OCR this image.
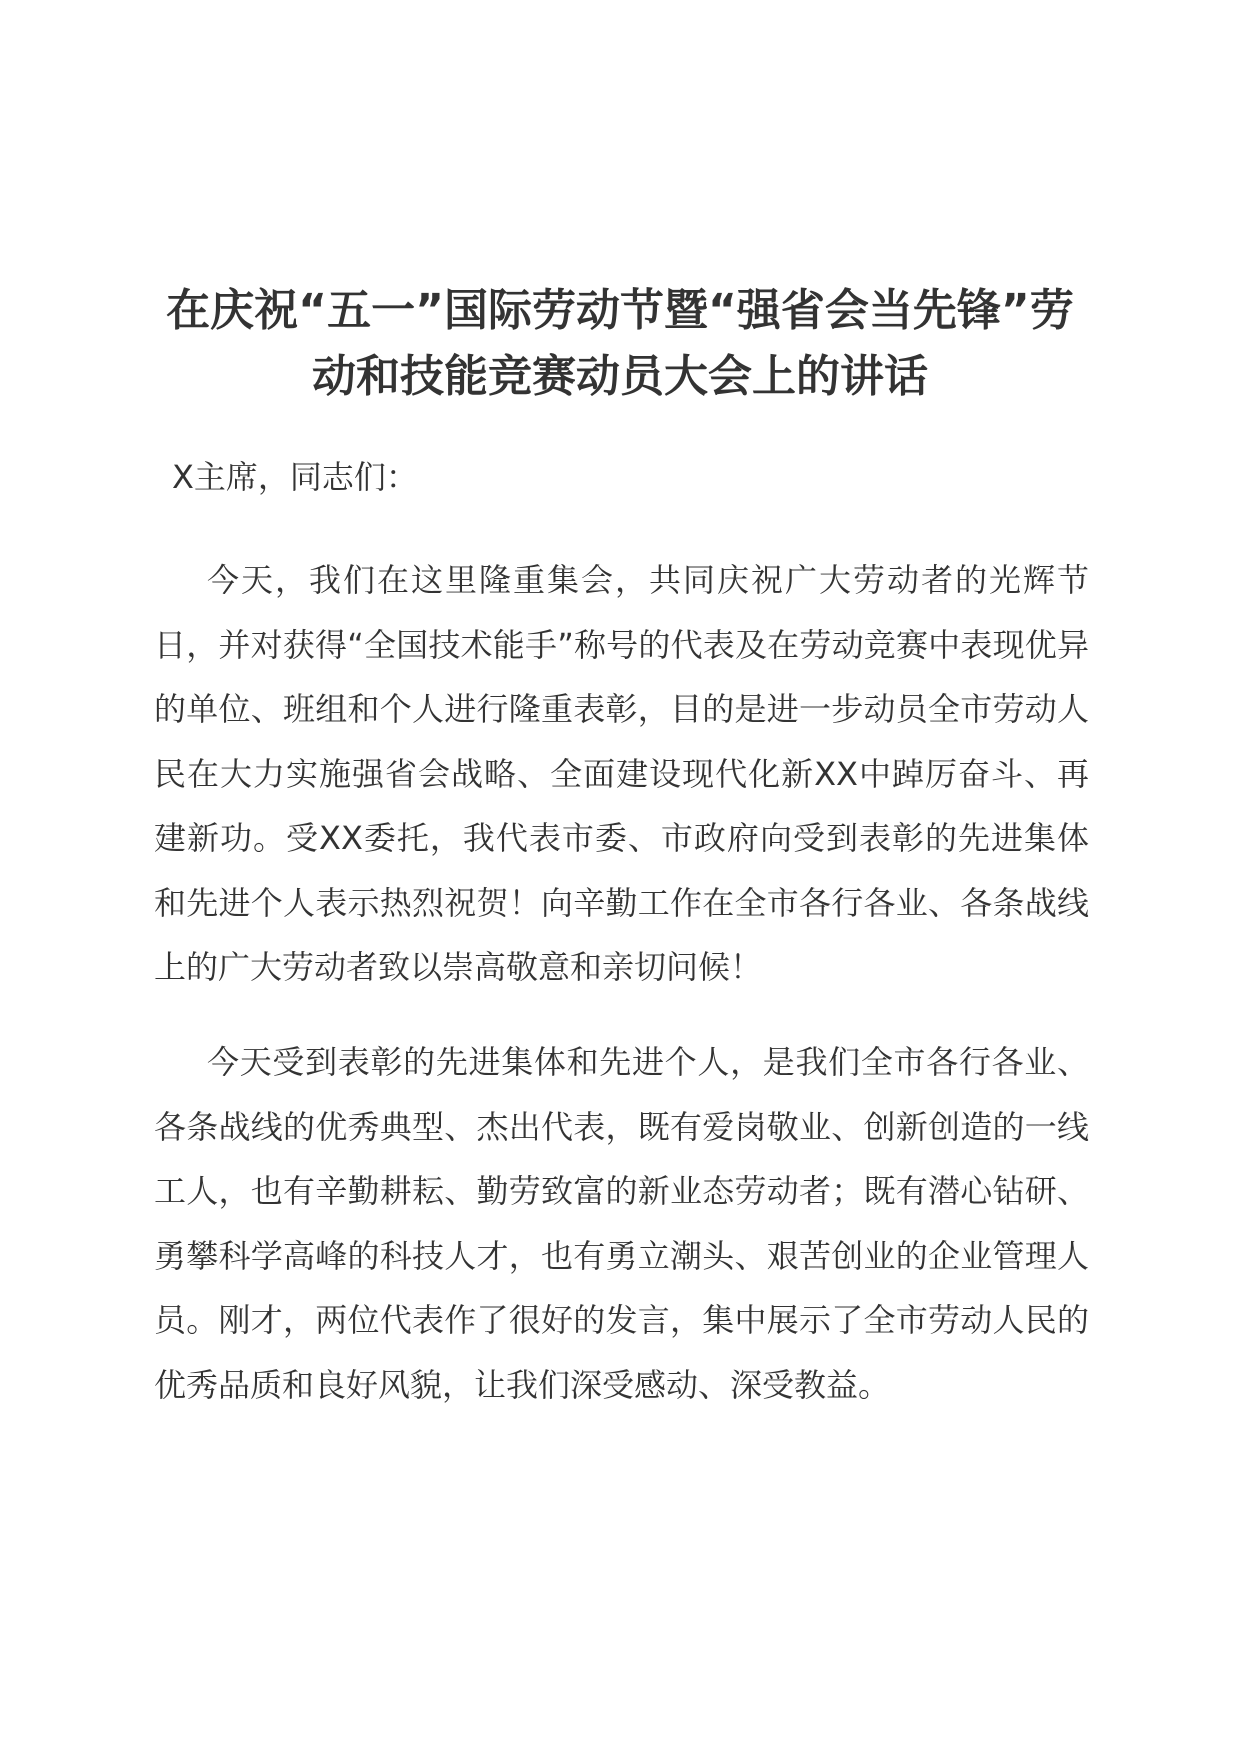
在庆祝“五一”国际劳动节暨“强省会当先锋”劳动和技能竞赛动员大会上的讲话

X主席，同志们：

今天，我们在这里隆重集会，共同庆祝广大劳动者的光辉节日，并对获得“全国技术能手”称号的代表及在劳动竞赛中表现优异的单位、班组和个人进行隆重表彰，目的是进一步动员全市劳动人民在大力实施强省会战略、全面建设现代化新XX中踔厉奋斗、再建新功。受XX委托，我代表市委、市政府向受到表彰的先进集体和先进个人表示热烈祝贺！向辛勤工作在全市各行各业、各条战线上的广大劳动者致以崇高敬意和亲切问候！

今天受到表彰的先进集体和先进个人，是我们全市各行各业、各条战线的优秀典型、杰出代表，既有爱岗敬业、创新创造的一线工人，也有辛勤耕耘、勤劳致富的新业态劳动者；既有潜心钻研、勇攀科学高峰的科技人才，也有勇立潮头、艰苦创业的企业管理人员。刚才，两位代表作了很好的发言，集中展示了全市劳动人民的优秀品质和良好风貌，让我们深受感动、深受教益。
